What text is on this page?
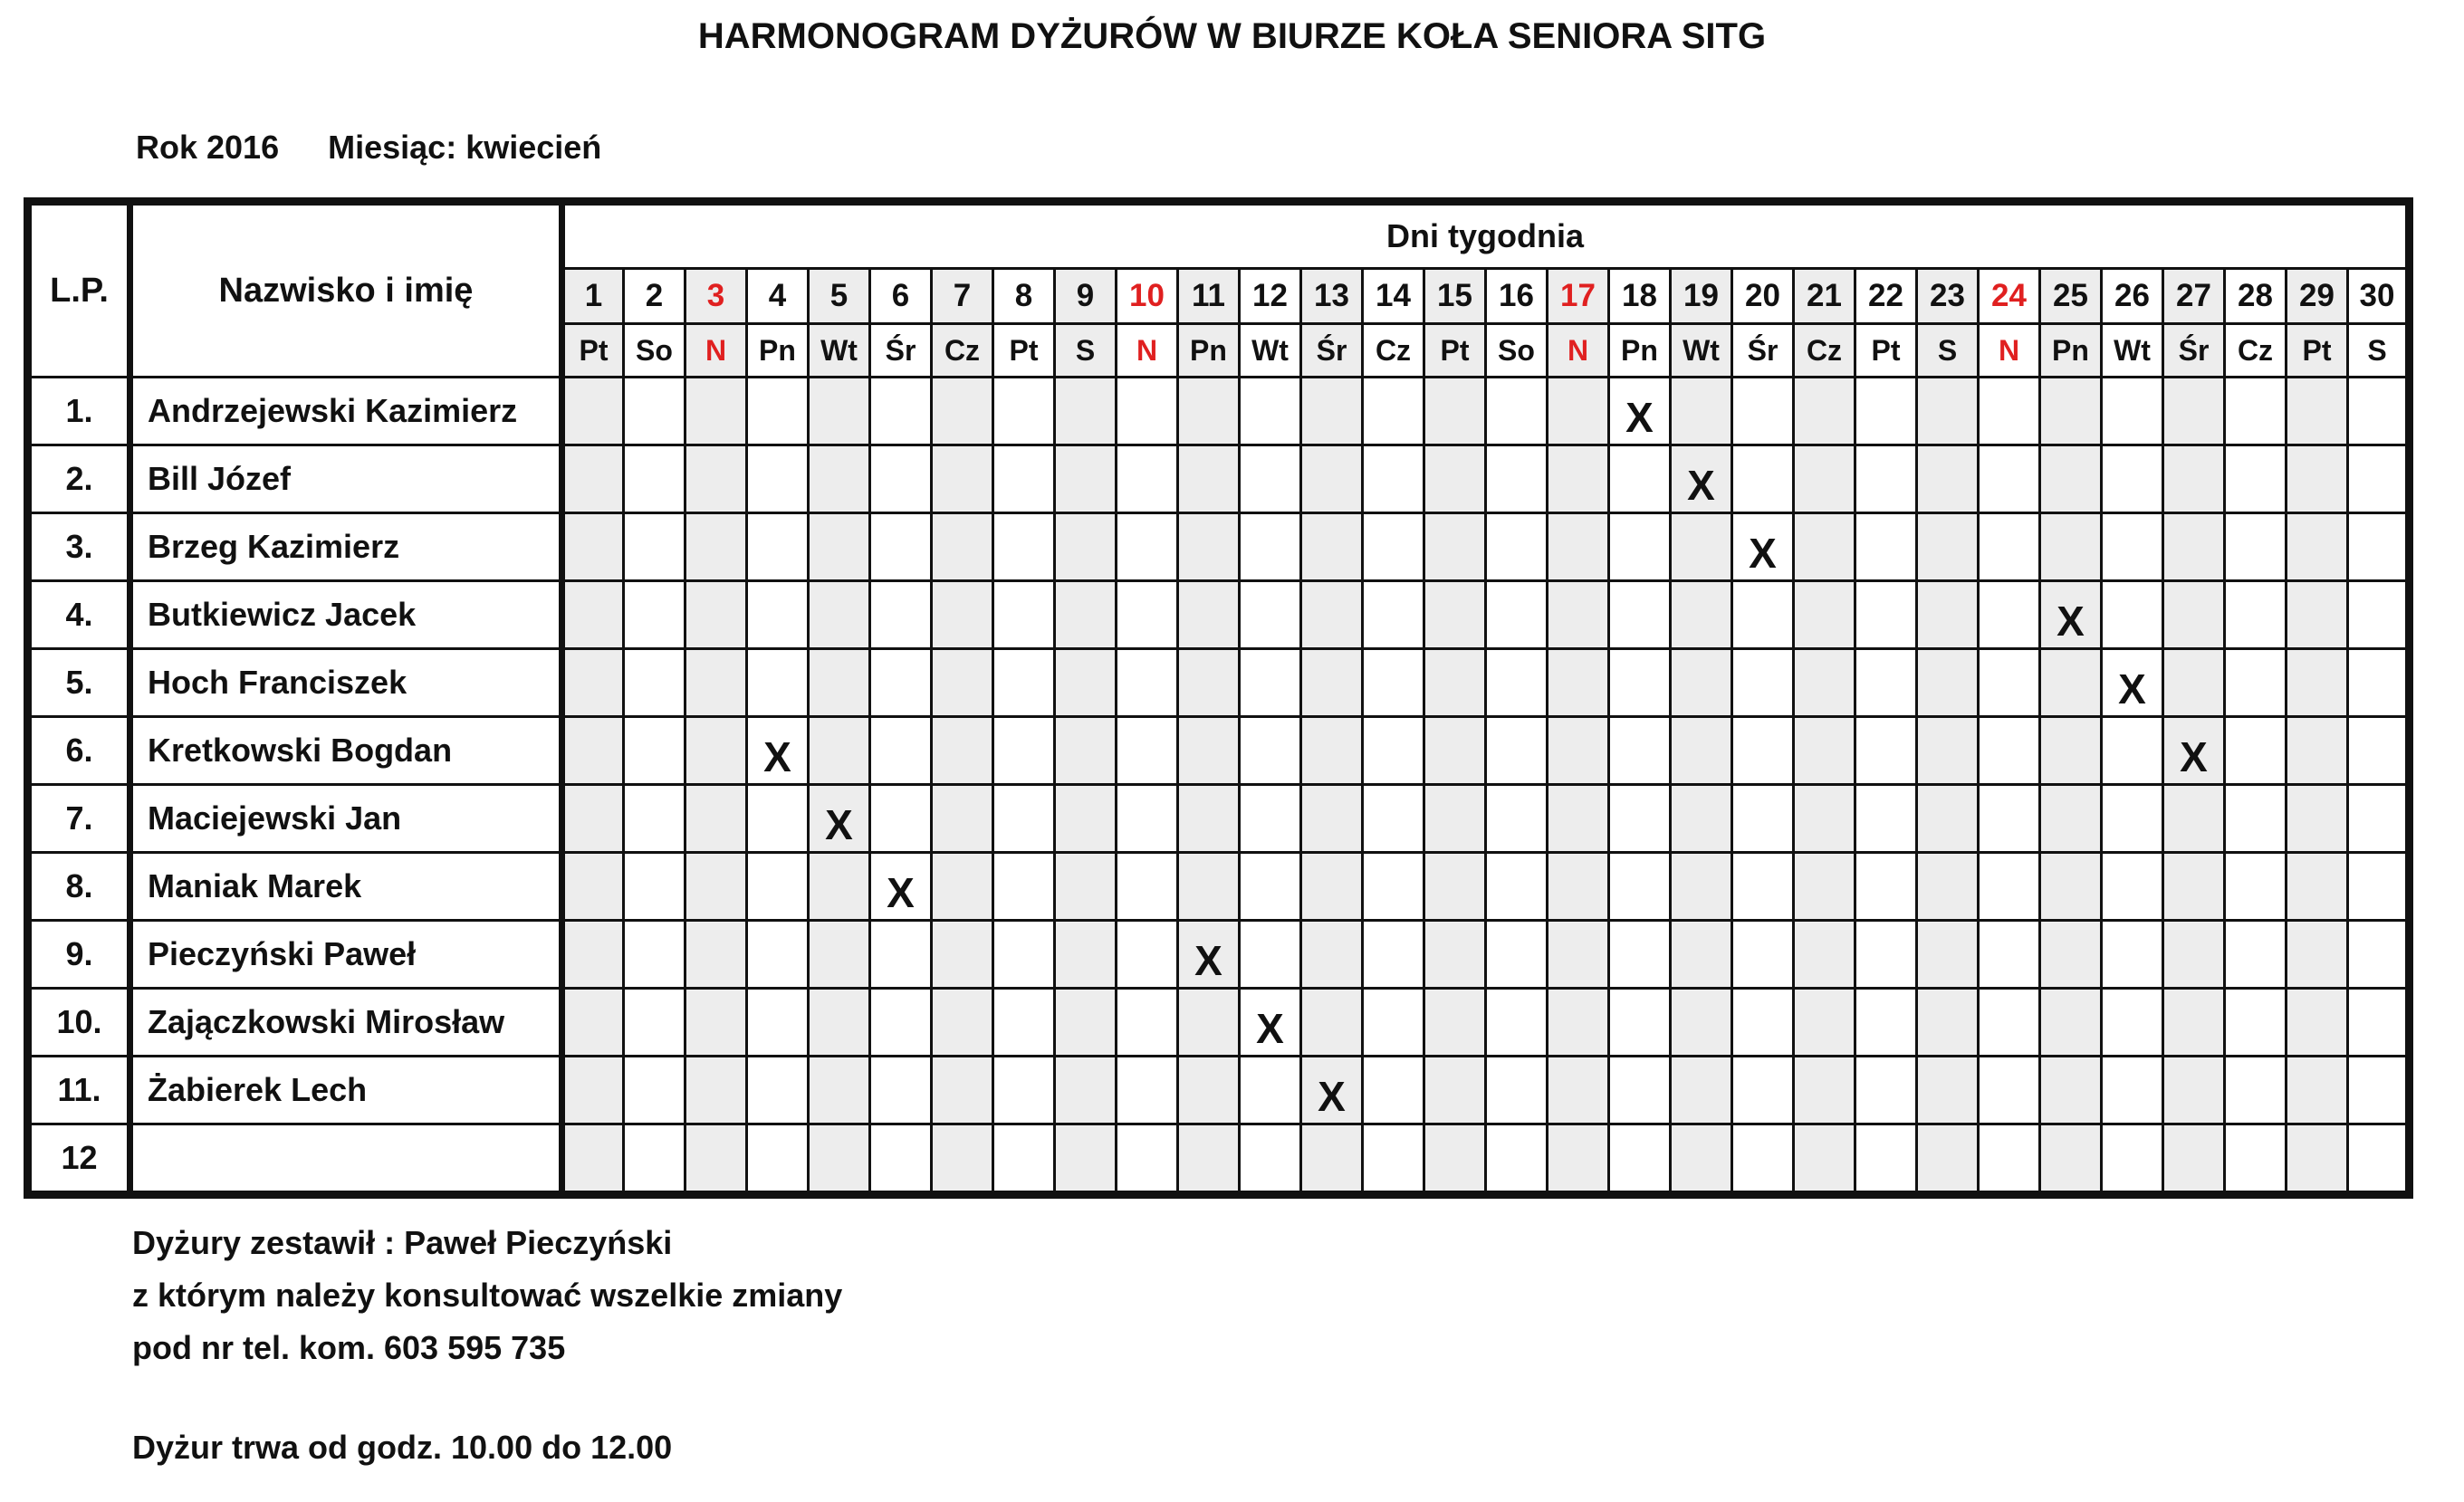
HARMONOGRAM DYŻURÓW W BIURZE KOŁA SENIORA SITG
Rok 2016 Miesiąc: kwiecień
L.P.	Nazwisko i imię	Dni tygodnia																													
		1	2	3	4	5	6	7	8	9	10	11	12	13	14	15	16	17	18	19	20	21	22	23	24	25	26	27	28	29	30
		Pt	So	N	Pn	Wt	Śr	Cz	Pt	S	N	Pn	Wt	Śr	Cz	Pt	So	N	Pn	Wt	Śr	Cz	Pt	S	N	Pn	Wt	Śr	Cz	Pt	S
1.	Andrzejewski Kazimierz																		X												
2.	Bill Józef																			X											
3.	Brzeg Kazimierz																				X										
4.	Butkiewicz Jacek																									X					
5.	Hoch Franciszek																										X				
6.	Kretkowski Bogdan				X																							X			
7.	Maciejewski Jan					X																									
8.	Maniak Marek						X																								
9.	Pieczyński Paweł											X																			
10.	Zajączkowski Mirosław												X																		
11.	Żabierek Lech													X																	
12																															
Dyżury zestawił : Paweł Pieczyński
z którym należy konsultować wszelkie zmiany
pod nr tel. kom. 603 595 735
Dyżur trwa od godz. 10.00 do 12.00
